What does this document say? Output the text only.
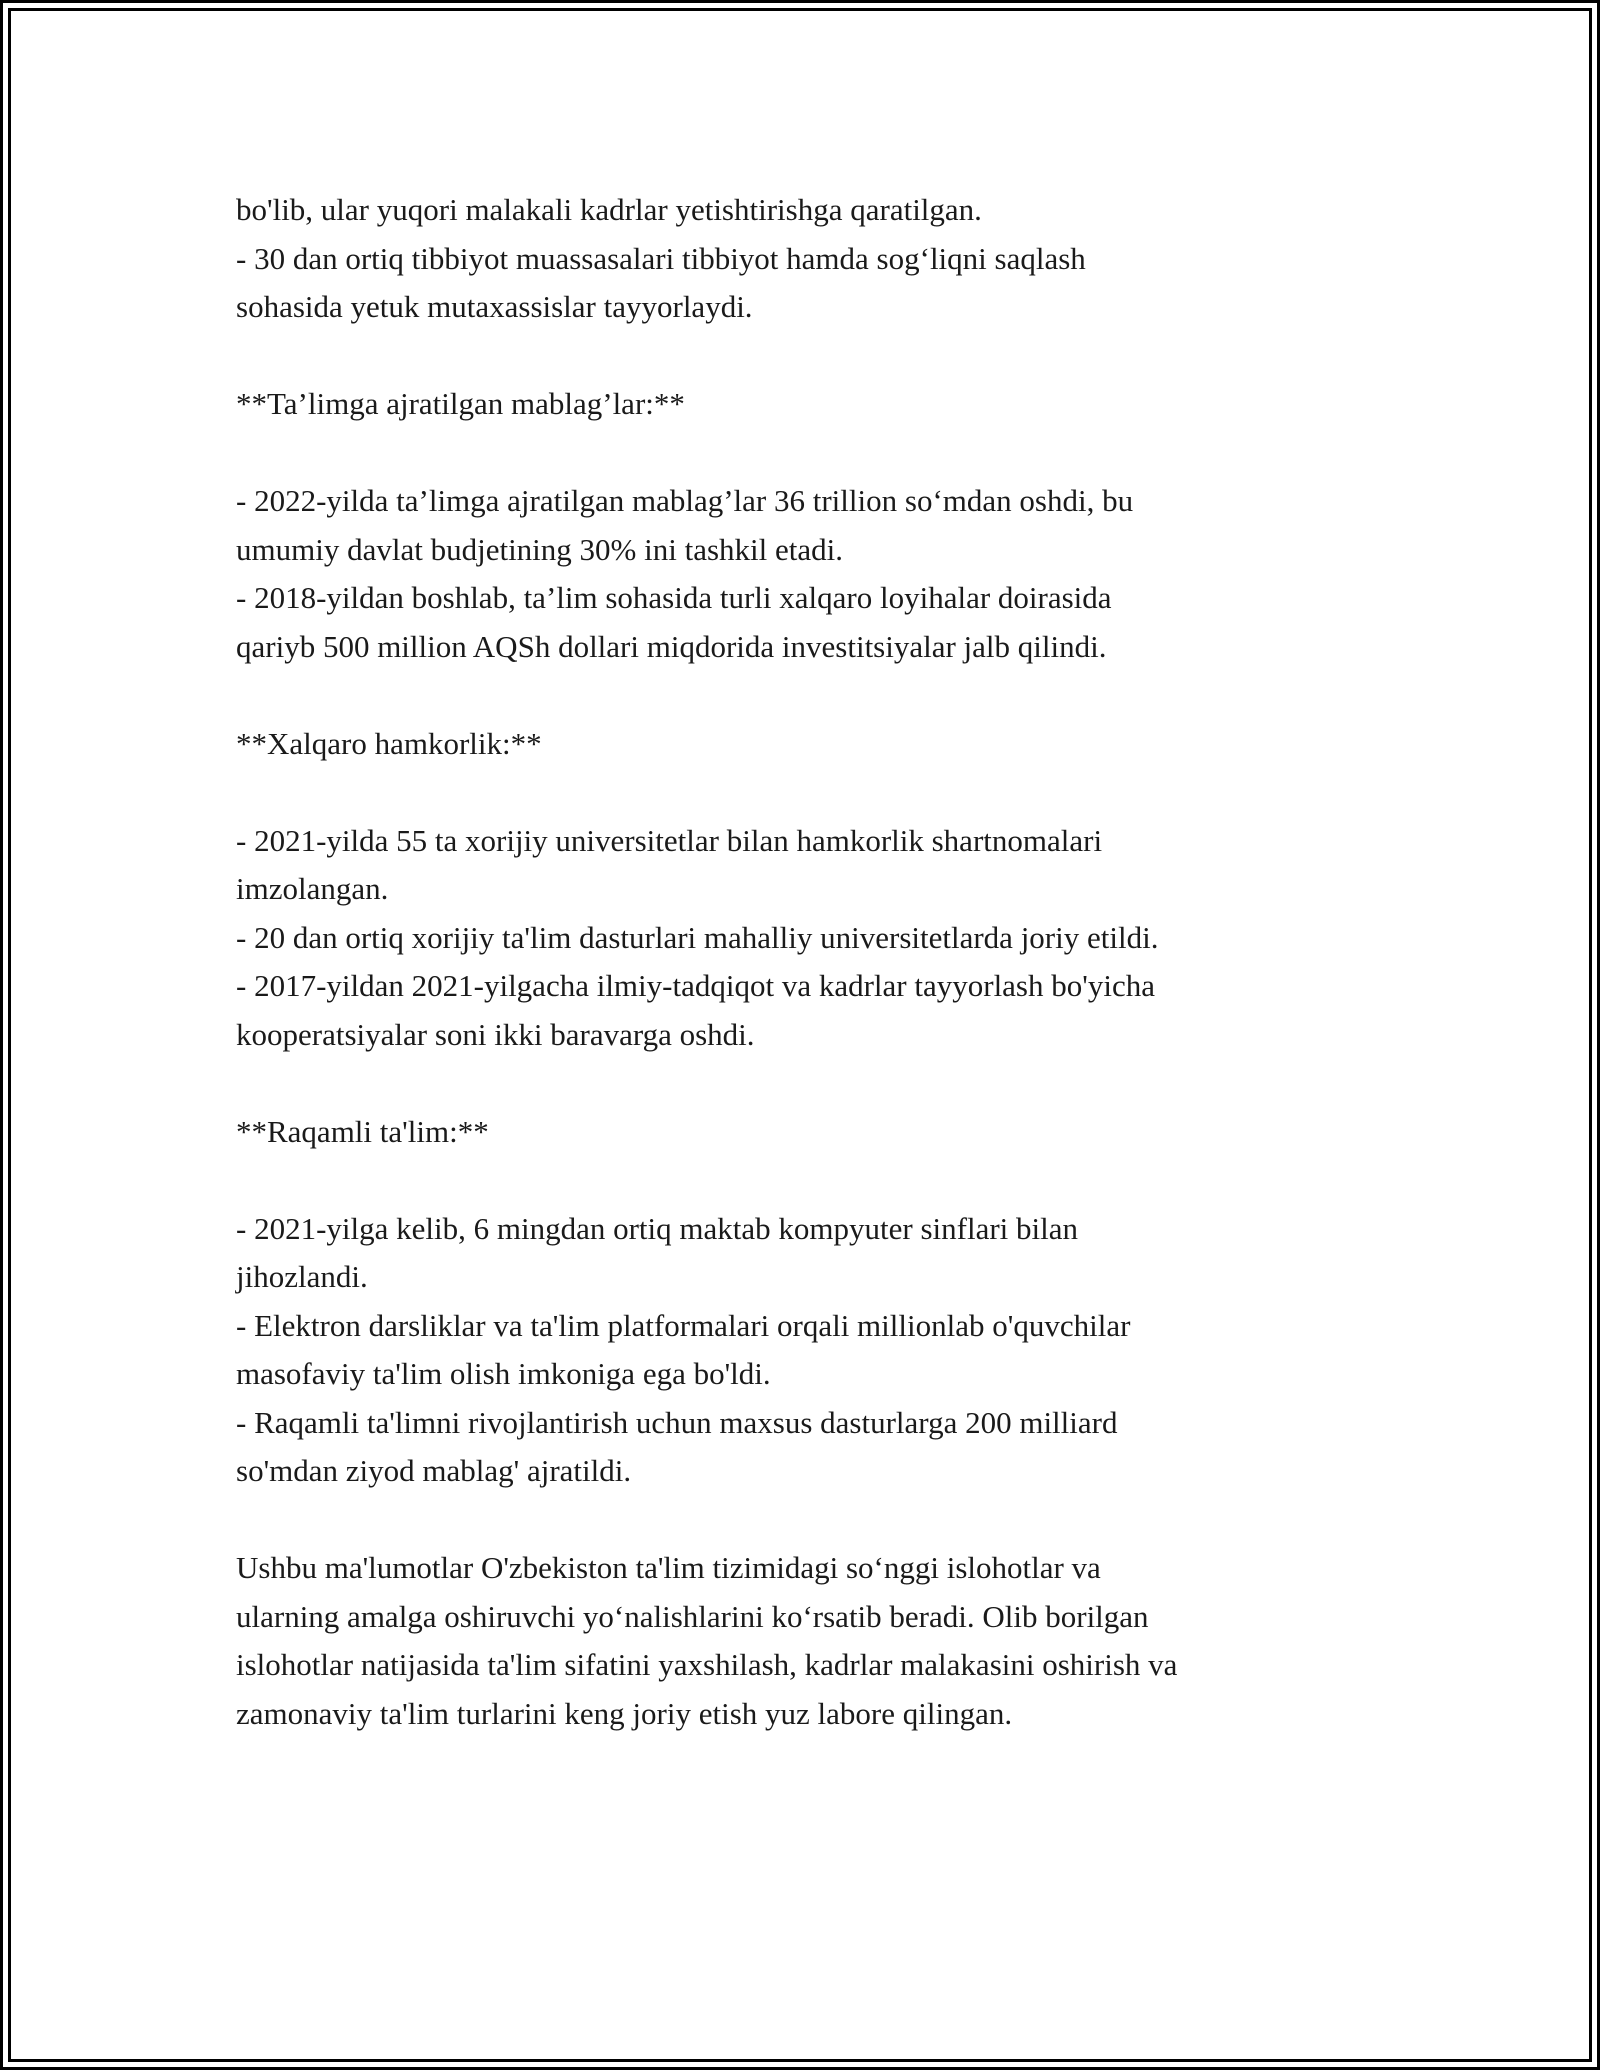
bo'lib, ular yuqori malakali kadrlar yetishtirishga qaratilgan.
- 30 dan ortiq tibbiyot muassasalari tibbiyot hamda sog‘liqni saqlash
sohasida yetuk mutaxassislar tayyorlaydi.
**Ta’limga ajratilgan mablag’lar:**
- 2022-yilda ta’limga ajratilgan mablag’lar 36 trillion so‘mdan oshdi, bu
umumiy davlat budjetining 30% ini tashkil etadi.
- 2018-yildan boshlab, ta’lim sohasida turli xalqaro loyihalar doirasida
qariyb 500 million AQSh dollari miqdorida investitsiyalar jalb qilindi.
**Xalqaro hamkorlik:**
- 2021-yilda 55 ta xorijiy universitetlar bilan hamkorlik shartnomalari
imzolangan.
- 20 dan ortiq xorijiy ta'lim dasturlari mahalliy universitetlarda joriy etildi.
- 2017-yildan 2021-yilgacha ilmiy-tadqiqot va kadrlar tayyorlash bo'yicha
kooperatsiyalar soni ikki baravarga oshdi.
**Raqamli ta'lim:**
- 2021-yilga kelib, 6 mingdan ortiq maktab kompyuter sinflari bilan
jihozlandi.
- Elektron darsliklar va ta'lim platformalari orqali millionlab o'quvchilar
masofaviy ta'lim olish imkoniga ega bo'ldi.
- Raqamli ta'limni rivojlantirish uchun maxsus dasturlarga 200 milliard
so'mdan ziyod mablag' ajratildi.
Ushbu ma'lumotlar O'zbekiston ta'lim tizimidagi so‘nggi islohotlar va
ularning amalga oshiruvchi yo‘nalishlarini ko‘rsatib beradi. Olib borilgan
islohotlar natijasida ta'lim sifatini yaxshilash, kadrlar malakasini oshirish va
zamonaviy ta'lim turlarini keng joriy etish yuz labore qilingan.
